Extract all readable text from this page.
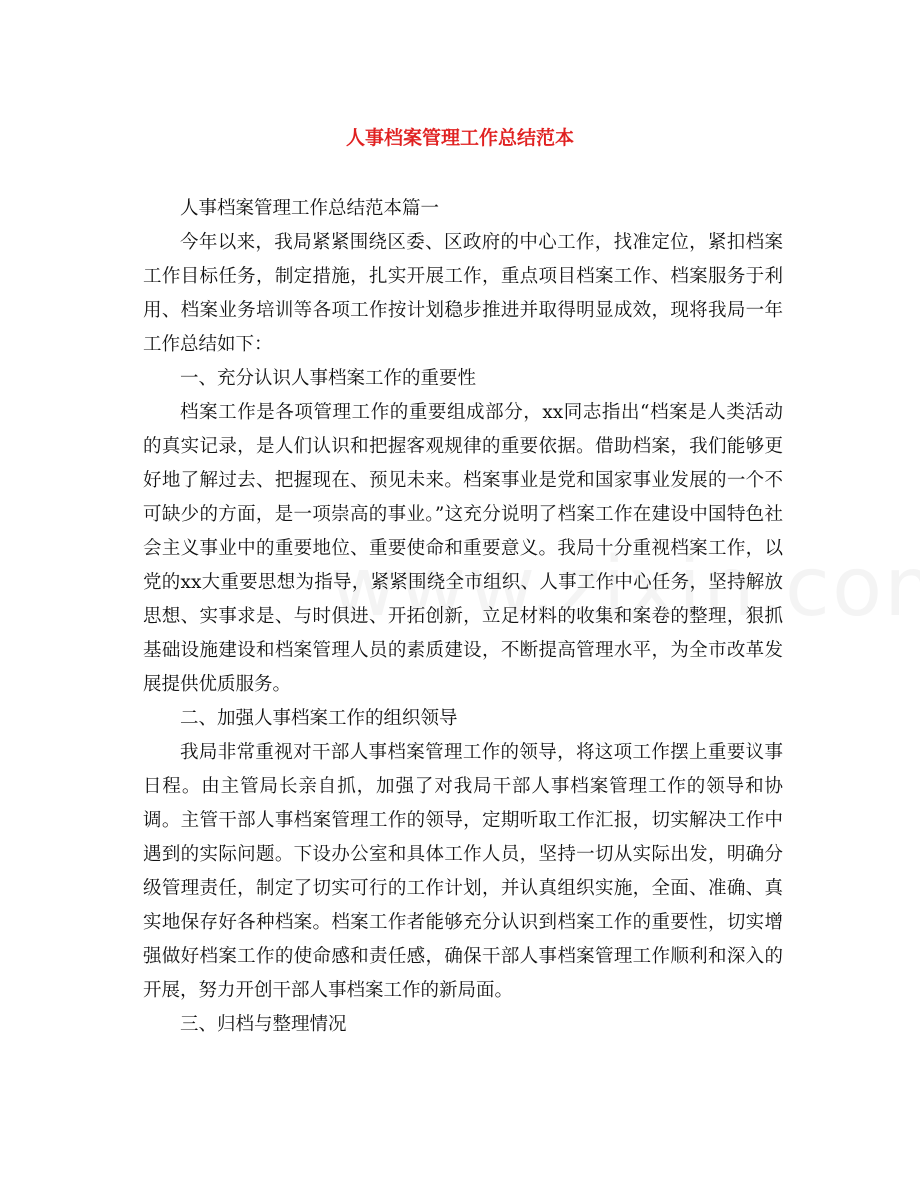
人事档案管理工作总结范本

人事档案管理工作总结范本篇一

今年以来，我局紧紧围绕区委、区政府的中心工作，找准定位，紧扣档案工作目标任务，制定措施，扎实开展工作，重点项目档案工作、档案服务于利用、档案业务培训等各项工作按计划稳步推进并取得明显成效，现将我局一年工作总结如下：

一、充分认识人事档案工作的重要性

档案工作是各项管理工作的重要组成部分，xx同志指出“档案是人类活动的真实记录，是人们认识和把握客观规律的重要依据。借助档案，我们能够更好地了解过去、把握现在、预见未来。档案事业是党和国家事业发展的一个不可缺少的方面，是一项崇高的事业。”这充分说明了档案工作在建设中国特色社会主义事业中的重要地位、重要使命和重要意义。我局十分重视档案工作，以党的xx大重要思想为指导，紧紧围绕全市组织、人事工作中心任务，坚持解放思想、实事求是、与时俱进、开拓创新，立足材料的收集和案卷的整理，狠抓基础设施建设和档案管理人员的素质建设，不断提高管理水平，为全市改革发展提供优质服务。

二、加强人事档案工作的组织领导

我局非常重视对干部人事档案管理工作的领导，将这项工作摆上重要议事日程。由主管局长亲自抓，加强了对我局干部人事档案管理工作的领导和协调。主管干部人事档案管理工作的领导，定期听取工作汇报，切实解决工作中遇到的实际问题。下设办公室和具体工作人员，坚持一切从实际出发，明确分级管理责任，制定了切实可行的工作计划，并认真组织实施，全面、准确、真实地保存好各种档案。档案工作者能够充分认识到档案工作的重要性，切实增强做好档案工作的使命感和责任感，确保干部人事档案管理工作顺利和深入的开展，努力开创干部人事档案工作的新局面。

三、归档与整理情况
